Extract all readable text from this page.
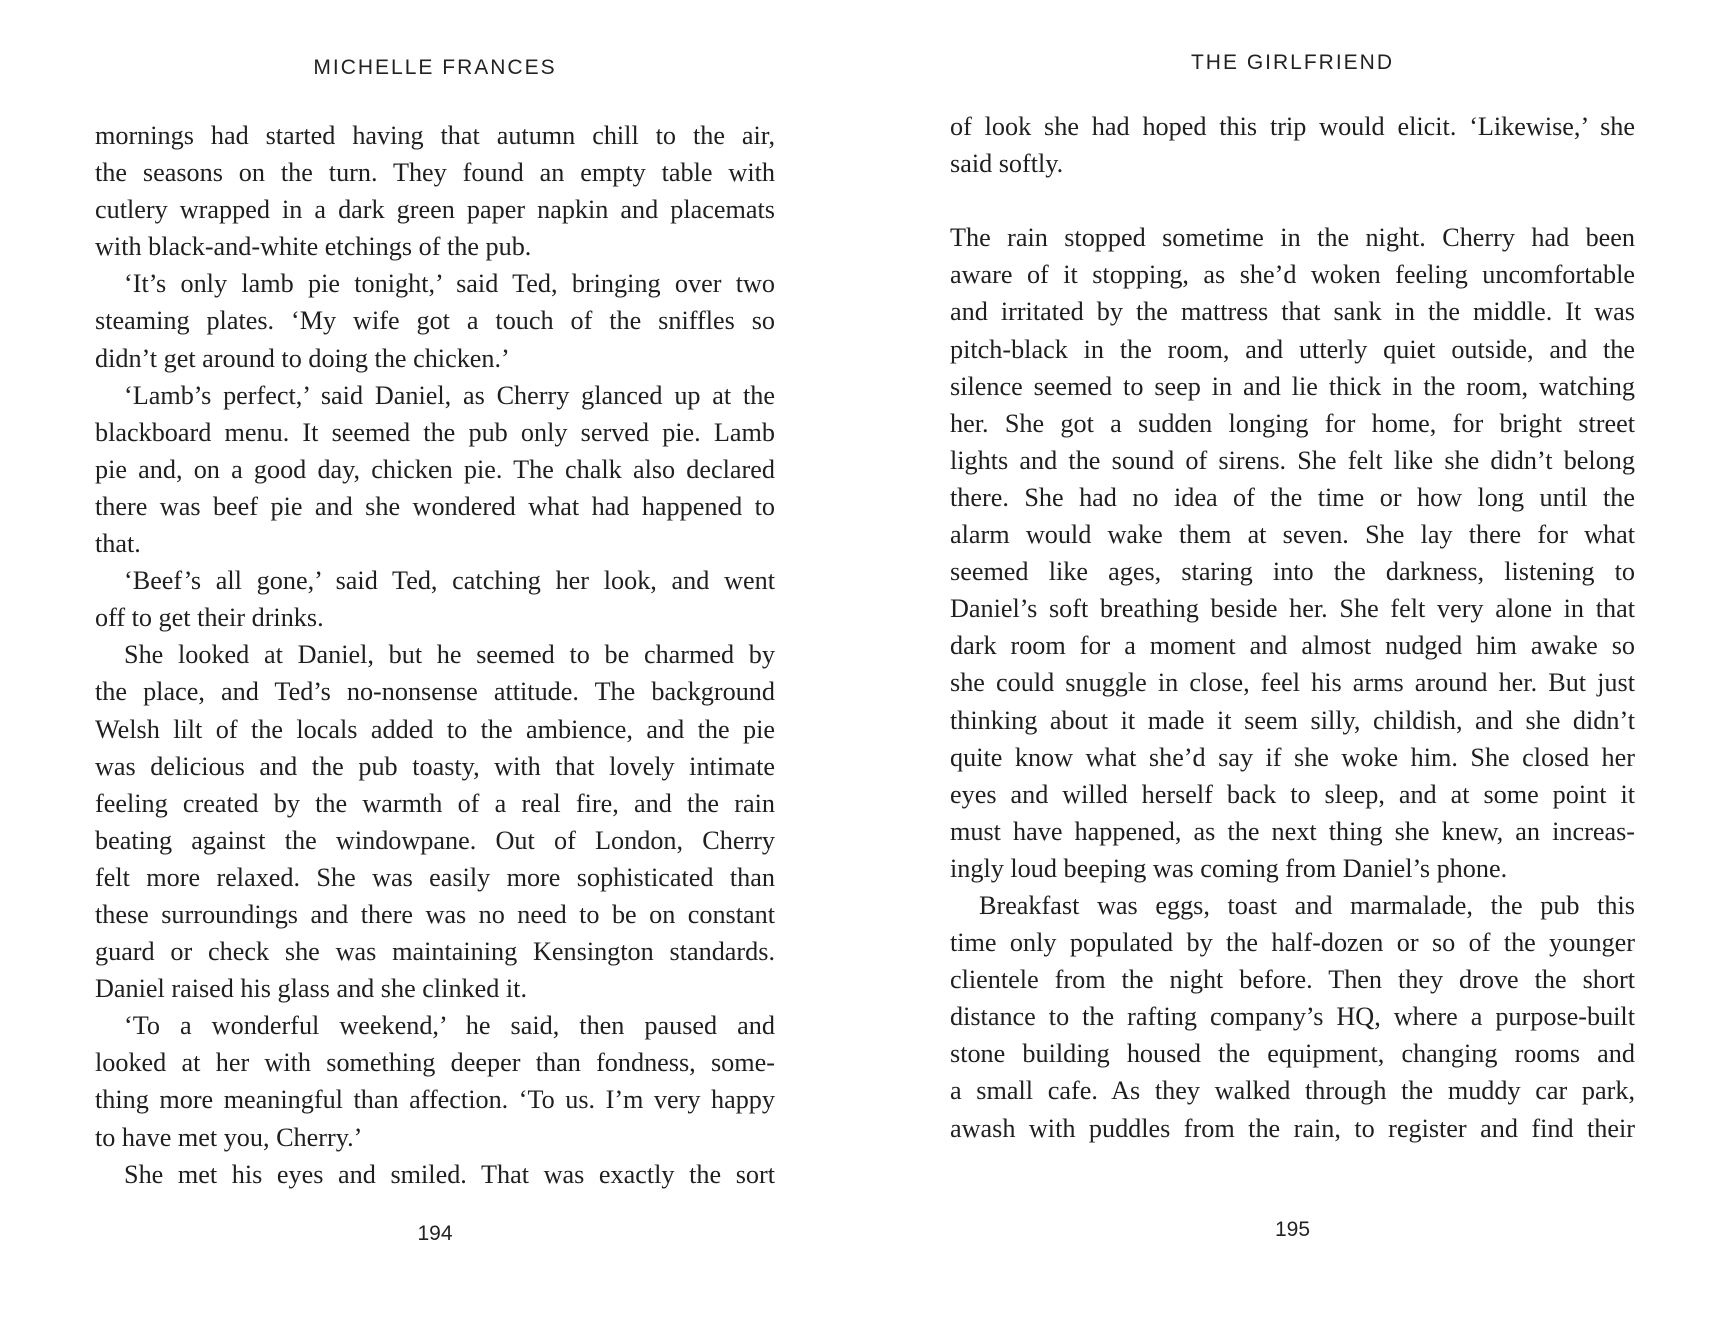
MICHELLE FRANCES
mornings had started having that autumn chill to the air,
the seasons on the turn. They found an empty table with
cutlery wrapped in a dark green paper napkin and placemats
with black-and-white etchings of the pub.
‘It’s only lamb pie tonight,’ said Ted, bringing over two
steaming plates. ‘My wife got a touch of the sniffles so
didn’t get around to doing the chicken.’
‘Lamb’s perfect,’ said Daniel, as Cherry glanced up at the
blackboard menu. It seemed the pub only served pie. Lamb
pie and, on a good day, chicken pie. The chalk also declared
there was beef pie and she wondered what had happened to
that.
‘Beef’s all gone,’ said Ted, catching her look, and went
off to get their drinks.
She looked at Daniel, but he seemed to be charmed by
the place, and Ted’s no-nonsense attitude. The background
Welsh lilt of the locals added to the ambience, and the pie
was delicious and the pub toasty, with that lovely intimate
feeling created by the warmth of a real fire, and the rain
beating against the windowpane. Out of London, Cherry
felt more relaxed. She was easily more sophisticated than
these surroundings and there was no need to be on constant
guard or check she was maintaining Kensington standards.
Daniel raised his glass and she clinked it.
‘To a wonderful weekend,’ he said, then paused and
looked at her with something deeper than fondness, some-
thing more meaningful than affection. ‘To us. I’m very happy
to have met you, Cherry.’
She met his eyes and smiled. That was exactly the sort
194
THE GIRLFRIEND
of look she had hoped this trip would elicit. ‘Likewise,’ she
said softly.
The rain stopped sometime in the night. Cherry had been
aware of it stopping, as she’d woken feeling uncomfortable
and irritated by the mattress that sank in the middle. It was
pitch-black in the room, and utterly quiet outside, and the
silence seemed to seep in and lie thick in the room, watching
her. She got a sudden longing for home, for bright street
lights and the sound of sirens. She felt like she didn’t belong
there. She had no idea of the time or how long until the
alarm would wake them at seven. She lay there for what
seemed like ages, staring into the darkness, listening to
Daniel’s soft breathing beside her. She felt very alone in that
dark room for a moment and almost nudged him awake so
she could snuggle in close, feel his arms around her. But just
thinking about it made it seem silly, childish, and she didn’t
quite know what she’d say if she woke him. She closed her
eyes and willed herself back to sleep, and at some point it
must have happened, as the next thing she knew, an increas-
ingly loud beeping was coming from Daniel’s phone.
Breakfast was eggs, toast and marmalade, the pub this
time only populated by the half-dozen or so of the younger
clientele from the night before. Then they drove the short
distance to the rafting company’s HQ, where a purpose-built
stone building housed the equipment, changing rooms and
a small cafe. As they walked through the muddy car park,
awash with puddles from the rain, to register and find their
195
